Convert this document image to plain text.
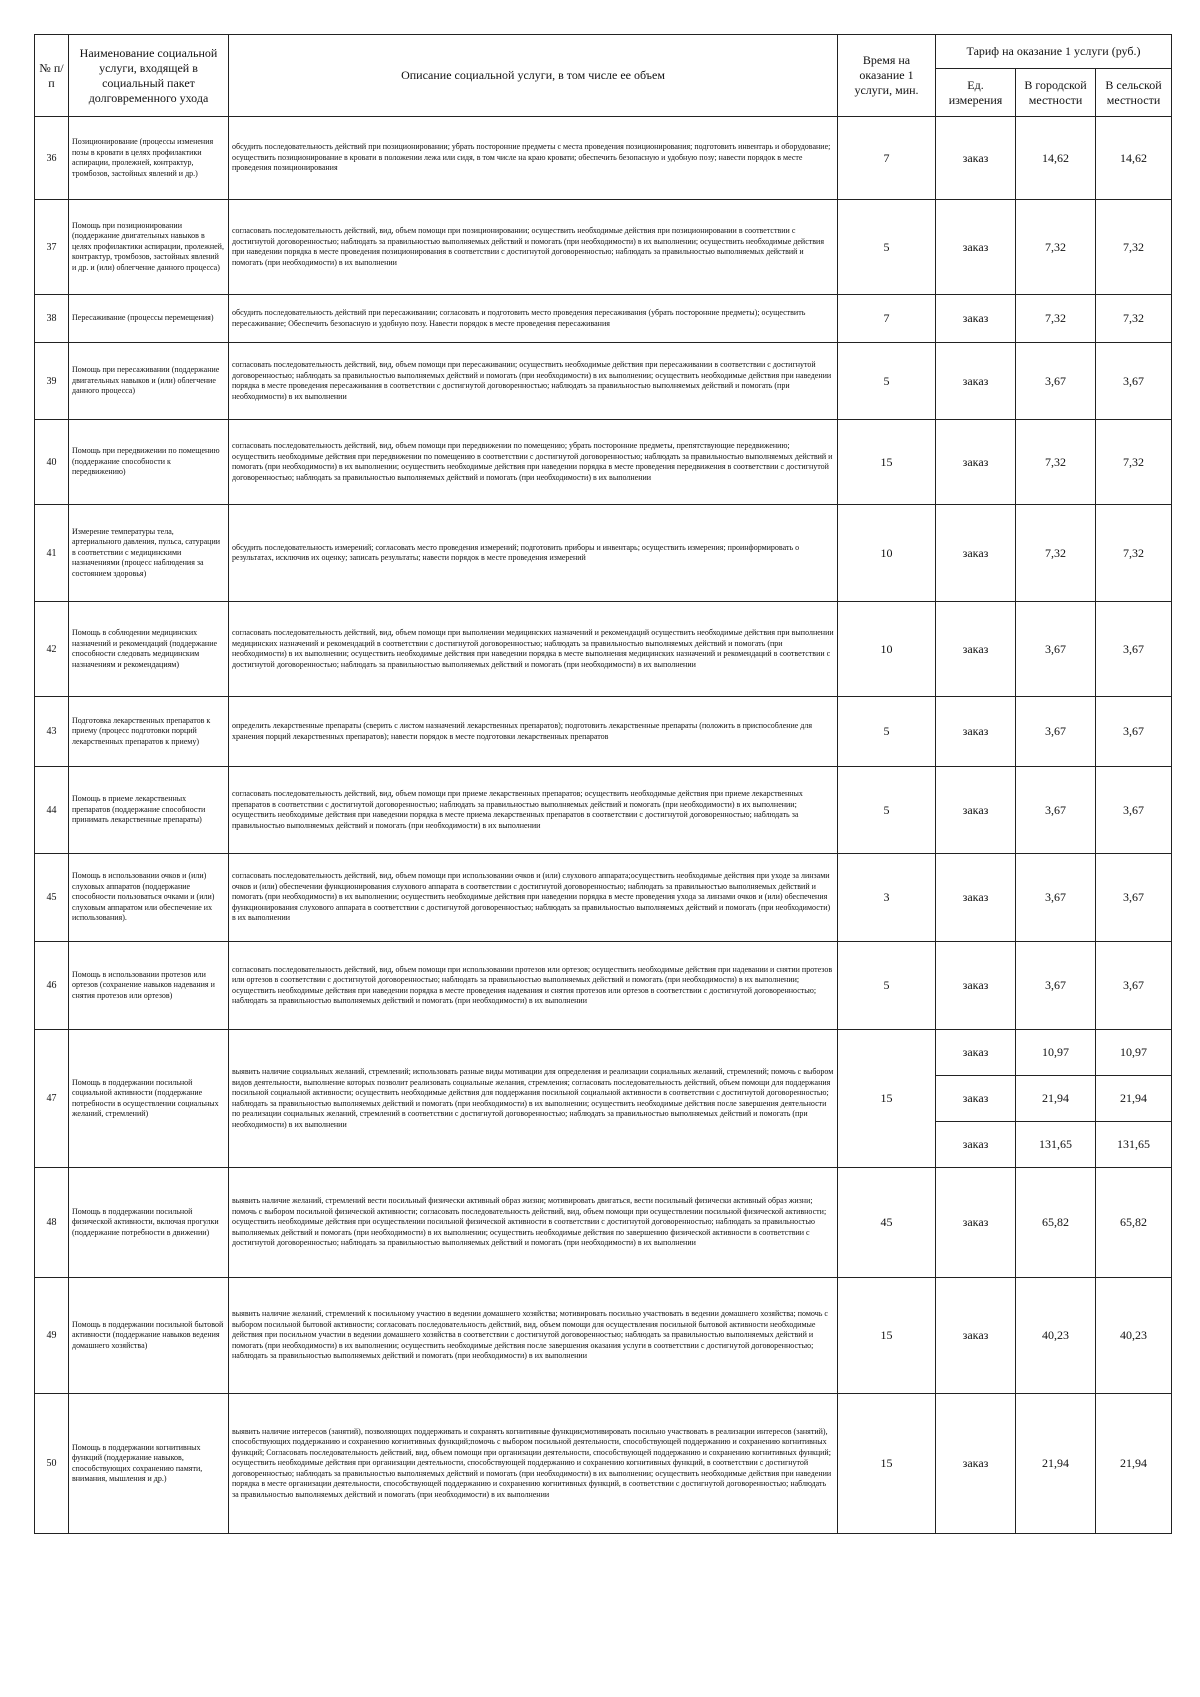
№ п/п	Наименование социальной услуги, входящей в социальный пакет долговременного ухода	Описание социальной услуги, в том числе ее объем	Время на оказание 1 услуги, мин.	Тариф на оказание 1 услуги (руб.)		
				Ед. измерения	В городской местности	В сельской местности
36	Позиционирование (процессы изменения позы в кровати в целях профилактики аспирации, пролежней, контрактур, тромбозов, застойных явлений и др.)	обсудить последовательность действий при позиционировании; убрать посторонние предметы с места проведения позиционирования; подготовить инвентарь и оборудование; осуществить позиционирование в кровати в положении лежа или сидя, в том числе на краю кровати; обеспечить безопасную и удобную позу; навести порядок в месте проведения позиционирования	7	заказ	14,62	14,62
37	Помощь при позиционировании (поддержание двигательных навыков в целях профилактики аспирации, пролежней, контрактур, тромбозов, застойных явлений и др. и (или) облегчение данного процесса)	согласовать последовательность действий, вид, объем помощи при позиционировании; осуществить необходимые действия при позиционировании в соответствии с достигнутой договоренностью; наблюдать за правильностью выполняемых действий и помогать (при необходимости) в их выполнении; осуществить необходимые действия при наведении порядка в месте проведения позиционирования в соответствии с достигнутой договоренностью; наблюдать за правильностью выполняемых действий и помогать (при необходимости) в их выполнении	5	заказ	7,32	7,32
38	Пересаживание (процессы перемещения)	обсудить последовательность действий при пересаживании; согласовать и подготовить место проведения пересаживания (убрать посторонние предметы); осуществить пересаживание; Обеспечить безопасную и удобную позу. Навести порядок в месте проведения пересаживания	7	заказ	7,32	7,32
39	Помощь при пересаживании (поддержание двигательных навыков и (или) облегчение данного процесса)	согласовать последовательность действий, вид, объем помощи при пересаживании; осуществить необходимые действия при пересаживании в соответствии с достигнутой договоренностью; наблюдать за правильностью выполняемых действий и помогать (при необходимости) в их выполнении; осуществить необходимые действия при наведении порядка в месте проведения пересаживания в соответствии с достигнутой договоренностью; наблюдать за правильностью выполняемых действий и помогать (при необходимости) в их выполнении	5	заказ	3,67	3,67
40	Помощь при передвижении по помещению (поддержание способности к передвижению)	согласовать последовательность действий, вид, объем помощи при передвижении по помещению; убрать посторонние предметы, препятствующие передвижению; осуществить необходимые действия при передвижении по помещению в соответствии с достигнутой договоренностью; наблюдать за правильностью выполняемых действий и помогать (при необходимости) в их выполнении; осуществить необходимые действия при наведении порядка в месте проведения передвижения в соответствии с достигнутой договоренностью; наблюдать за правильностью выполняемых действий и помогать (при необходимости) в их выполнении	15	заказ	7,32	7,32
41	Измерение температуры тела, артериального давления, пульса, сатурации в соответствии с медицинскими назначениями (процесс наблюдения за состоянием здоровья)	обсудить последовательность измерений; согласовать место проведения измерений; подготовить приборы и инвентарь; осуществить измерения; проинформировать о результатах, исключив их оценку; записать результаты; навести порядок в месте проведения измерений	10	заказ	7,32	7,32
42	Помощь в соблюдении медицинских назначений и рекомендаций (поддержание способности следовать медицинским назначениям и рекомендациям)	согласовать последовательность действий, вид, объем помощи при выполнении медицинских назначений и рекомендаций осуществить необходимые действия при выполнении медицинских назначений и рекомендаций в соответствии с достигнутой договоренностью; наблюдать за правильностью выполняемых действий и помогать (при необходимости) в их выполнении; осуществить необходимые действия при наведении порядка в месте выполнения медицинских назначений и рекомендаций в соответствии с достигнутой договоренностью; наблюдать за правильностью выполняемых действий и помогать (при необходимости) в их выполнении	10	заказ	3,67	3,67
43	Подготовка лекарственных препаратов к приему (процесс подготовки порций лекарственных препаратов к приему)	определить лекарственные препараты (сверить с листом назначений лекарственных препаратов); подготовить лекарственные препараты (положить в приспособление для хранения порций лекарственных препаратов); навести порядок в месте подготовки лекарственных препаратов	5	заказ	3,67	3,67
44	Помощь в приеме лекарственных препаратов (поддержание способности принимать лекарственные препараты)	согласовать последовательность действий, вид, объем помощи при приеме лекарственных препаратов; осуществить необходимые действия при приеме лекарственных препаратов в соответствии с достигнутой договоренностью; наблюдать за правильностью выполняемых действий и помогать (при необходимости) в их выполнении; осуществить необходимые действия при наведении порядка в месте приема лекарственных препаратов в соответствии с достигнутой договоренностью; наблюдать за правильностью выполняемых действий и помогать (при необходимости) в их выполнении	5	заказ	3,67	3,67
45	Помощь в использовании очков и (или) слуховых аппаратов (поддержание способности пользоваться очками и (или) слуховым аппаратом или обеспечение их использования).	согласовать последовательность действий, вид, объем помощи при использовании очков и (или) слухового аппарата;осуществить необходимые действия при уходе за линзами очков и (или) обеспечении функционирования слухового аппарата в соответствии с достигнутой договоренностью; наблюдать за правильностью выполняемых действий и помогать (при необходимости) в их выполнении; осуществить необходимые действия при наведении порядка в месте проведения ухода за линзами очков и (или) обеспечения функционирования слухового аппарата в соответствии с достигнутой договоренностью; наблюдать за правильностью выполняемых действий и помогать (при необходимости) в их выполнении	3	заказ	3,67	3,67
46	Помощь в использовании протезов или ортезов (сохранение навыков надевания и снятия протезов или ортезов)	согласовать последовательность действий, вид, объем помощи при использовании протезов или ортезов; осуществить необходимые действия при надевании и снятии протезов или ортезов в соответствии с достигнутой договоренностью; наблюдать за правильностью выполняемых действий и помогать (при необходимости) в их выполнении; осуществить необходимые действия при наведении порядка в месте проведения надевания и снятия протезов или ортезов в соответствии с достигнутой договоренностью; наблюдать за правильностью выполняемых действий и помогать (при необходимости) в их выполнении	5	заказ	3,67	3,67
47	Помощь в поддержании посильной социальной активности (поддержание потребности в осуществлении социальных желаний, стремлений)	выявить наличие социальных желаний, стремлений; использовать разные виды мотивации для определения и реализации социальных желаний, стремлений; помочь с выбором видов деятельности, выполнение которых позволит реализовать социальные желания, стремления; согласовать последовательность действий, объем помощи для поддержания посильной социальной активности; осуществить необходимые действия для поддержания посильной социальной активности в соответствии с достигнутой договоренностью; наблюдать за правильностью выполняемых действий и помогать (при необходимости) в их выполнении; осуществить необходимые действия после завершения деятельности по реализации социальных желаний, стремлений в соответствии с достигнутой договоренностью; наблюдать за правильностью выполняемых действий и помогать (при необходимости) в их выполнении	15	заказ	10,97	10,97
				заказ	21,94	21,94
				заказ	131,65	131,65
48	Помощь в поддержании посильной физической активности, включая прогулки (поддержание потребности в движении)	выявить наличие желаний, стремлений вести посильный физически активный образ жизни; мотивировать двигаться, вести посильный физически активный образ жизни; помочь с выбором посильной физической активности; согласовать последовательность действий, вид, объем помощи при осуществлении посильной физической активности; осуществить необходимые действия при осуществлении посильной физической активности в соответствии с достигнутой договоренностью; наблюдать за правильностью выполняемых действий и помогать (при необходимости) в их выполнении; осуществить необходимые действия по завершению физической активности в соответствии с достигнутой договоренностью; наблюдать за правильностью выполняемых действий и помогать (при необходимости) в их выполнении	45	заказ	65,82	65,82
49	Помощь в поддержании посильной бытовой активности (поддержание навыков ведения домашнего хозяйства)	выявить наличие желаний, стремлений к посильному участию в ведении домашнего хозяйства; мотивировать посильно участвовать в ведении домашнего хозяйства; помочь с выбором посильной бытовой активности; согласовать последовательность действий, вид, объем помощи для осуществления посильной бытовой активности необходимые действия при посильном участии в ведении домашнего хозяйства в соответствии с достигнутой договоренностью; наблюдать за правильностью выполняемых действий и помогать (при необходимости) в их выполнении; осуществить необходимые действия после завершения оказания услуги в соответствии с достигнутой договоренностью; наблюдать за правильностью выполняемых действий и помогать (при необходимости) в их выполнении	15	заказ	40,23	40,23
50	Помощь в поддержании когнитивных функций (поддержание навыков, способствующих сохранению памяти, внимания, мышления и др.)	выявить наличие интересов (занятий), позволяющих поддерживать и сохранять когнитивные функции;мотивировать посильно участвовать в реализации интересов (занятий), способствующих поддержанию и сохранению когнитивных функций;помочь с выбором посильной деятельности, способствующей поддержанию и сохранению когнитивных функций; Согласовать последовательность действий, вид, объем помощи при организации деятельности, способствующей поддержанию и сохранению когнитивных функций; осуществить необходимые действия при организации деятельности, способствующей поддержанию и сохранению когнитивных функций, в соответствии с достигнутой договоренностью; наблюдать за правильностью выполняемых действий и помогать (при необходимости) в их выполнении; осуществить необходимые действия при наведении порядка в месте организации деятельности, способствующей поддержанию и сохранению когнитивных функций, в соответствии с достигнутой договоренностью; наблюдать за правильностью выполняемых действий и помогать (при необходимости) в их выполнении	15	заказ	21,94	21,94
